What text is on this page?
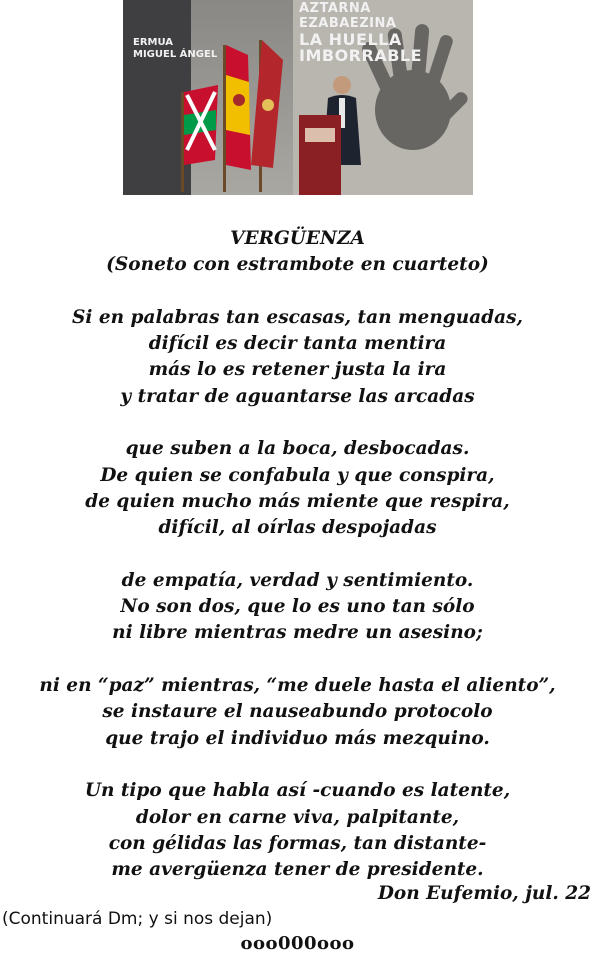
AZTARNA
EZABAEZINA
LA HUELLA
IMBORRABLE
ERMUA
MIGUEL ÁNGEL
VERGÜENZA
(Soneto con estrambote en cuarteto)
Si en palabras tan escasas, tan menguadas,
difícil es decir tanta mentira
más lo es retener justa la ira
y tratar de aguantarse las arcadas
que suben a la boca, desbocadas.
De quien se confabula y que conspira,
de quien mucho más miente que respira,
difícil, al oírlas despojadas
de empatía, verdad y sentimiento.
No son dos, que lo es uno tan sólo
ni libre mientras medre un asesino;
ni en “paz” mientras, “me duele hasta el aliento”,
se instaure el nauseabundo protocolo
que trajo el individuo más mezquino.
Un tipo que habla así -cuando es latente,
dolor en carne viva, palpitante,
con gélidas las formas, tan distante-
me avergüenza tener de presidente.
Don Eufemio, jul. 22
(Continuará Dm; y si nos dejan)
ooo000ooo
